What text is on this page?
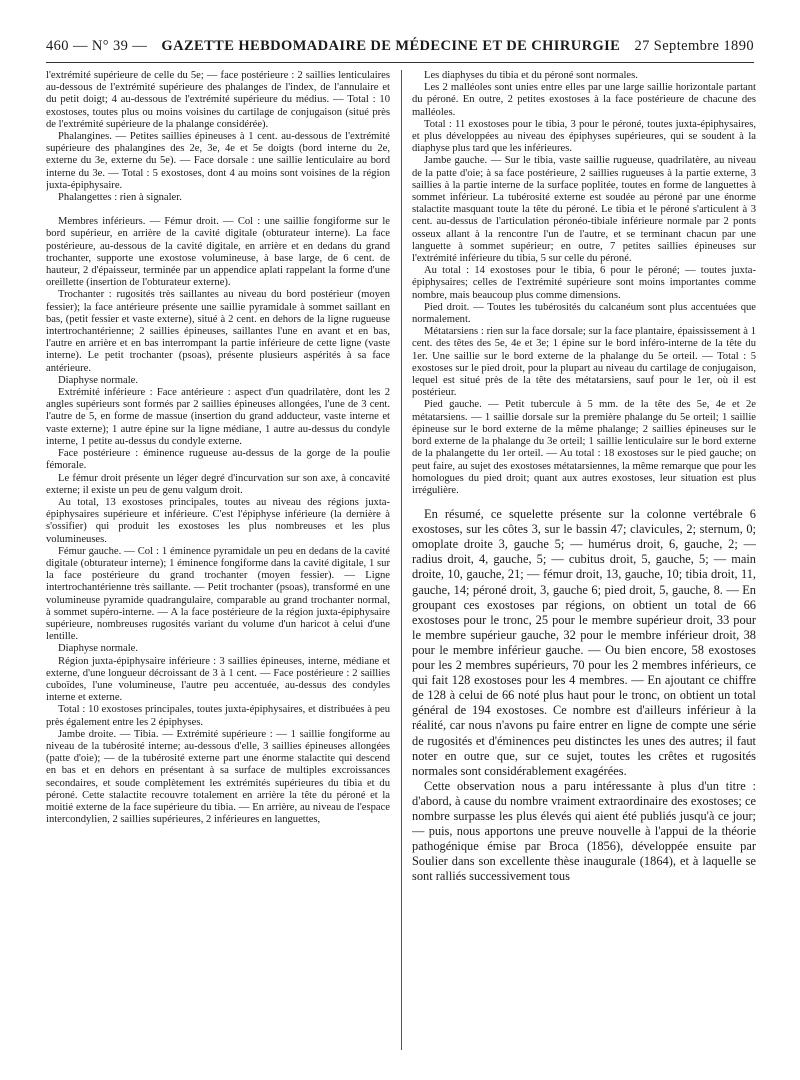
460 — N° 39 — GAZETTE HEBDOMADAIRE DE MÉDECINE ET DE CHIRURGIE 27 Septembre 1890

l'extrémité supérieure de celle du 5e; — face postérieure : 2 saillies lenticulaires au-dessous de l'extrémité supérieure des phalanges de l'index, de l'annulaire et du petit doigt; 4 au-dessous de l'extrémité supérieure du médius. — Total : 10 exostoses, toutes plus ou moins voisines du cartilage de conjugaison (situé près de l'extrémité supérieure de la phalange considérée).

Phalangines. — Petites saillies épineuses à 1 cent. au-dessous de l'extrémité supérieure des phalangines des 2e, 3e, 4e et 5e doigts (bord interne du 2e, externe du 3e, externe du 5e). — Face dorsale : une saillie lenticulaire au bord interne du 3e. — Total : 5 exostoses, dont 4 au moins sont voisines de la région juxta-épiphysaire.

Phalangettes : rien à signaler.

Membres inférieurs. — Fémur droit. — Col : une saillie fongiforme sur le bord supérieur, en arrière de la cavité digitale (obturateur interne). La face postérieure, au-dessous de la cavité digitale, en arrière et en dedans du grand trochanter, supporte une exostose volumineuse, à base large, de 6 cent. de hauteur, 2 d'épaisseur, terminée par un appendice aplati rappelant la forme d'une oreillette (insertion de l'obturateur externe).

Trochanter : rugosités très saillantes au niveau du bord postérieur (moyen fessier); la face antérieure présente une saillie pyramidale à sommet saillant en bas, (petit fessier et vaste externe), situé à 2 cent. en dehors de la ligne rugueuse intertrochantérienne; 2 saillies épineuses, saillantes l'une en avant et en bas, l'autre en arrière et en bas interrompant la partie inférieure de cette ligne (vaste interne). Le petit trochanter (psoas), présente plusieurs aspérités à sa face antérieure.

Diaphyse normale.

Extrémité inférieure : Face antérieure : aspect d'un quadrilatère, dont les 2 angles supérieurs sont formés par 2 saillies épineuses allongées, l'une de 3 cent. l'autre de 5, en forme de massue (insertion du grand adducteur, vaste interne et vaste externe); 1 autre épine sur la ligne médiane, 1 autre au-dessus du condyle interne, 1 petite au-dessus du condyle externe.

Face postérieure : éminence rugueuse au-dessus de la gorge de la poulie fémorale.

Le fémur droit présente un léger degré d'incurvation sur son axe, à concavité externe; il existe un peu de genu valgum droit.

Au total, 13 exostoses principales, toutes au niveau des régions juxta-épiphysaires supérieure et inférieure. C'est l'épiphyse inférieure (la dernière à s'ossifier) qui produit les exostoses les plus nombreuses et les plus volumineuses.

Fémur gauche. — Col : 1 éminence pyramidale un peu en dedans de la cavité digitale (obturateur interne); 1 éminence fongiforme dans la cavité digitale, 1 sur la face postérieure du grand trochanter (moyen fessier). — Ligne intertrochantérienne très saillante. — Petit trochanter (psoas), transformé en une volumineuse pyramide quadrangulaire, comparable au grand trochanter normal, à sommet supéro-interne. — A la face postérieure de la région juxta-épiphysaire supérieure, nombreuses rugosités variant du volume d'un haricot à celui d'une lentille.

Diaphyse normale.

Région juxta-épiphysaire inférieure : 3 saillies épineuses, interne, médiane et externe, d'une longueur décroissant de 3 à 1 cent. — Face postérieure : 2 saillies cuboïdes, l'une volumineuse, l'autre peu accentuée, au-dessus des condyles interne et externe.

Total : 10 exostoses principales, toutes juxta-épiphysaires, et distribuées à peu près également entre les 2 épiphyses.

Jambe droite. — Tibia. — Extrémité supérieure : — 1 saillie fongiforme au niveau de la tubérosité interne; au-dessous d'elle, 3 saillies épineuses allongées (patte d'oie); — de la tubérosité externe part une énorme stalactite qui descend en bas et en dehors en présentant à sa surface de multiples excroissances secondaires, et soude complètement les extrémités supérieures du tibia et du péroné. Cette stalactite recouvre totalement en arrière la tête du péroné et la moitié externe de la face supérieure du tibia. — En arrière, au niveau de l'espace intercondylien, 2 saillies supérieures, 2 inférieures en languettes,

Les diaphyses du tibia et du péroné sont normales.

Les 2 malléoles sont unies entre elles par une large saillie horizontale partant du péroné. En outre, 2 petites exostoses à la face postérieure de chacune des malléoles.

Total : 11 exostoses pour le tibia, 3 pour le péroné, toutes juxta-épiphysaires, et plus développées au niveau des épiphyses supérieures, qui se soudent à la diaphyse plus tard que les inférieures.

Jambe gauche. — Sur le tibia, vaste saillie rugueuse, quadrilatère, au niveau de la patte d'oie; à sa face postérieure, 2 saillies rugueuses à la partie externe, 3 saillies à la partie interne de la surface poplitée, toutes en forme de languettes à sommet inférieur. La tubérosité externe est soudée au péroné par une énorme stalactite masquant toute la tête du péroné. Le tibia et le péroné s'articulent à 3 cent. au-dessus de l'articulation péronéo-tibiale inférieure normale par 2 ponts osseux allant à la rencontre l'un de l'autre, et se terminant chacun par une languette à sommet supérieur; en outre, 7 petites saillies épineuses sur l'extrémité inférieure du tibia, 5 sur celle du péroné.

Au total : 14 exostoses pour le tibia, 6 pour le péroné; — toutes juxta-épiphysaires; celles de l'extrémité supérieure sont moins importantes comme nombre, mais beaucoup plus comme dimensions.

Pied droit. — Toutes les tubérosités du calcanéum sont plus accentuées que normalement.

Métatarsiens : rien sur la face dorsale; sur la face plantaire, épaississement à 1 cent. des têtes des 5e, 4e et 3e; 1 épine sur le bord inféro-interne de la tête du 1er. Une saillie sur le bord externe de la phalange du 5e orteil. — Total : 5 exostoses sur le pied droit, pour la plupart au niveau du cartilage de conjugaison, lequel est situé près de la tête des métatarsiens, sauf pour le 1er, où il est postérieur.

Pied gauche. — Petit tubercule à 5 mm. de la tête des 5e, 4e et 2e métatarsiens. — 1 saillie dorsale sur la première phalange du 5e orteil; 1 saillie épineuse sur le bord externe de la même phalange; 2 saillies épineuses sur le bord externe de la phalange du 3e orteil; 1 saillie lenticulaire sur le bord externe de la phalangette du 1er orteil. — Au total : 18 exostoses sur le pied gauche; on peut faire, au sujet des exostoses métatarsiennes, la même remarque que pour les homologues du pied droit; quant aux autres exostoses, leur situation est plus irrégulière.

En résumé, ce squelette présente sur la colonne vertébrale 6 exostoses, sur les côtes 3, sur le bassin 47; clavicules, 2; sternum, 0; omoplate droite 3, gauche 5; — humérus droit, 6, gauche, 2; — radius droit, 4, gauche, 5; — cubitus droit, 5, gauche, 5; — main droite, 10, gauche, 21; — fémur droit, 13, gauche, 10; tibia droit, 11, gauche, 14; péroné droit, 3, gauche 6; pied droit, 5, gauche, 8. — En groupant ces exostoses par régions, on obtient un total de 66 exostoses pour le tronc, 25 pour le membre supérieur droit, 33 pour le membre supérieur gauche, 32 pour le membre inférieur droit, 38 pour le membre inférieur gauche. — Ou bien encore, 58 exostoses pour les 2 membres supérieurs, 70 pour les 2 membres inférieurs, ce qui fait 128 exostoses pour les 4 membres. — En ajoutant ce chiffre de 128 à celui de 66 noté plus haut pour le tronc, on obtient un total général de 194 exostoses. Ce nombre est d'ailleurs inférieur à la réalité, car nous n'avons pu faire entrer en ligne de compte une série de rugosités et d'éminences peu distinctes les unes des autres; il faut noter en outre que, sur ce sujet, toutes les crêtes et rugosités normales sont considérablement exagérées.

Cette observation nous a paru intéressante à plus d'un titre : d'abord, à cause du nombre vraiment extraordinaire des exostoses; ce nombre surpasse les plus élevés qui aient été publiés jusqu'à ce jour; — puis, nous apportons une preuve nouvelle à l'appui de la théorie pathogénique émise par Broca (1856), développée ensuite par Soulier dans son excellente thèse inaugurale (1864), et à laquelle se sont ralliés successivement tous
